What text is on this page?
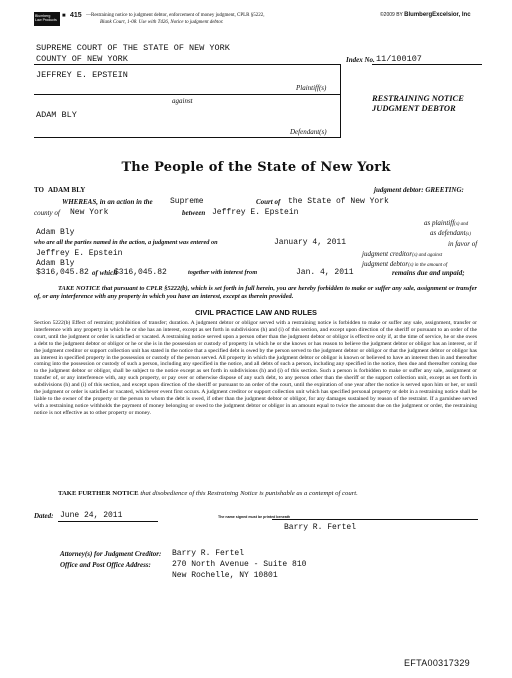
Blumberg
Law Products
■ 415 —Restraining notice to judgment debtor, enforcement of money judgment, CPLR §5222,
Blank Court, 1-08. Use with T426, Notice to judgment debtor.
©2009 BY BlumbergExcelsior, Inc
SUPREME COURT OF THE STATE OF NEW YORK
COUNTY OF NEW YORK	Index No. 11/100107
JEFFREY E. EPSTEIN
Plaintiff(s)
against	RESTRAINING NOTICE
JUDGMENT DEBTOR
ADAM BLY
Defendant(s)
The People of the State of New York
TO ADAM BLY	judgment debtor: GREETING:
WHEREAS, in an action in the Supreme	Court of the State of New York
county of New York	between Jeffrey E. Epstein
as plaintiff(s) and
Adam Bly	as defendant(s)
who are all the parties named in the action, a judgment was entered on	January 4, 2011	in favor of
Jeffrey E. Epstein	judgment creditor(s) and against
Adam Bly	judgment debtor(s) in the amount of
$316,045.82 of which
$316,045.82	together with interest from	Jan. 4, 2011	remains due and unpaid;
TAKE NOTICE that pursuant to CPLR §5222(b), which is set forth in full herein, you are hereby forbidden to make or suffer any sale, assignment or transfer of, or any interference with any property in which you have an interest, except as therein provided.
CIVIL PRACTICE LAW AND RULES
Section 5222(b) Effect of restraint; prohibition of transfer; duration. A judgment debtor or obligor served with a restraining notice is forbidden to make or suffer any sale, assignment, transfer or interference with any property in which he or she has an interest, except as set forth in subdivisions (h) and (i) of this section, and except upon direction of the sheriff or pursuant to an order of the court, until the judgment or order is satisfied or vacated. A restraining notice served upon a person other than the judgment debtor or obligor is effective only if, at the time of service, he or she owes a debt to the judgment debtor or obligor or he or she is in the possession or custody of property in which he or she knows or has reason to believe the judgment debtor or obligor has an interest, or if the judgment creditor or support collection unit has stated in the notice that a specified debt is owed by the person served to the judgment debtor or obligor or that the judgment debtor or obligor has an interest in specified property in the possession or custody of the person served. All property in which the judgment debtor or obligor is known or believed to have an interest then in and thereafter coming into the possession or custody of such a person, including any specified in the notice, and all debts of such a person, including any specified in the notice, then due and thereafter coming due to the judgment debtor or obligor, shall be subject to the notice except as set forth in subdivisions (h) and (i) of this section. Such a person is forbidden to make or suffer any sale, assignment or transfer of, or any interference with, any such property, or pay over or otherwise dispose of any such debt, to any person other than the sheriff or the support collection unit, except as set forth in subdivisions (h) and (i) of this section, and except upon direction of the sheriff or pursuant to an order of the court, until the expiration of one year after the notice is served upon him or her, or until the judgment or order is satisfied or vacated, whichever event first occurs. A judgment creditor or support collection unit which has specified personal property or debt in a restraining notice shall be liable to the owner of the property or the person to whom the debt is owed, if other than the judgment debtor or obligor, for any damages sustained by reason of the restraint. If a garnishee served with a restraining notice withholds the payment of money belonging or owed to the judgment debtor or obligor in an amount equal to twice the amount due on the judgment or order, the restraining notice is not effective as to other property or money.
TAKE FURTHER NOTICE that disobedience of this Restraining Notice is punishable as a contempt of court.
Dated: June 24, 2011	The name signed must be printed beneath
Barry R. Fertel
Attorney(s) for Judgment Creditor: Barry R. Fertel
Office and Post Office Address:	270 North Avenue - Suite 810
New Rochelle, NY 10801
EFTA00317329
